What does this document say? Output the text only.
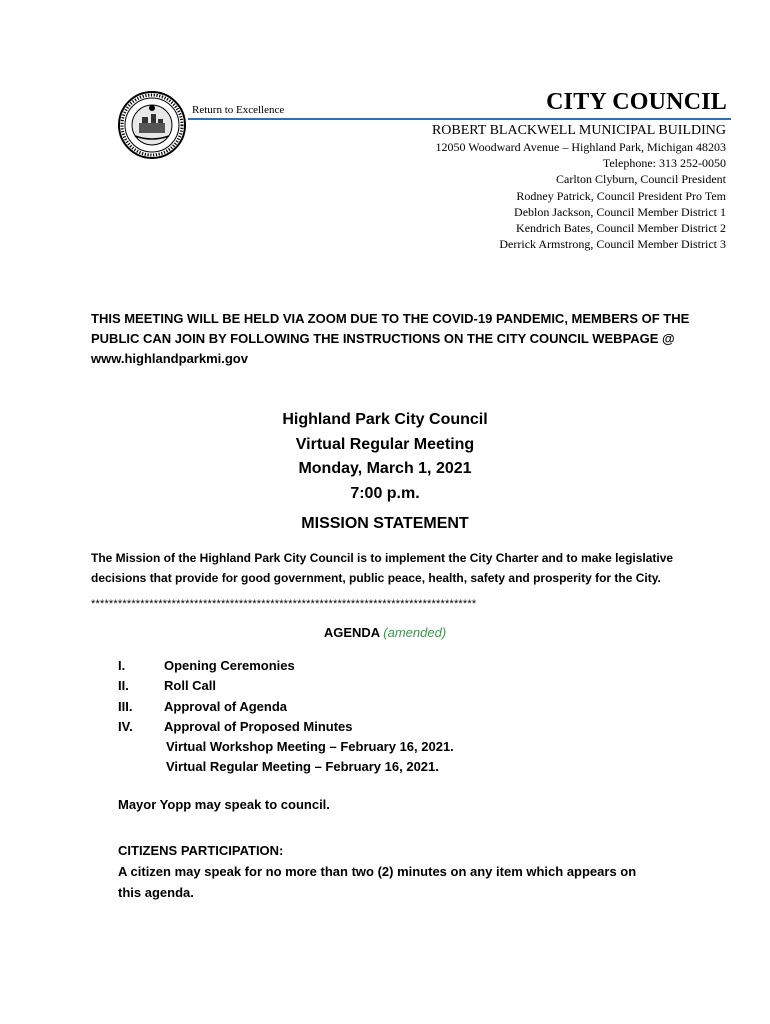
Return to Excellence	CITY COUNCIL
ROBERT BLACKWELL MUNICIPAL BUILDING
12050 Woodward Avenue – Highland Park, Michigan 48203
Telephone: 313 252-0050
Carlton Clyburn, Council President
Rodney Patrick, Council President Pro Tem
Deblon Jackson, Council Member District 1
Kendrich Bates, Council Member District 2
Derrick Armstrong, Council Member District 3
THIS MEETING WILL BE HELD VIA ZOOM DUE TO THE COVID-19 PANDEMIC, MEMBERS OF THE
PUBLIC CAN JOIN BY FOLLOWING THE INSTRUCTIONS ON THE CITY COUNCIL WEBPAGE @
www.highlandparkmi.gov
Highland Park City Council
Virtual Regular Meeting
Monday, March 1, 2021
7:00 p.m.
MISSION STATEMENT
The Mission of the Highland Park City Council is to implement the City Charter and to make legislative
decisions that provide for good government, public peace, health, safety and prosperity for the City.
**************************************************************************************
AGENDA (amended)
I.	Opening Ceremonies
II.	Roll Call
III.	Approval of Agenda
IV.	Approval of Proposed Minutes
Virtual Workshop Meeting – February 16, 2021.
Virtual Regular Meeting – February 16, 2021.
Mayor Yopp may speak to council.
CITIZENS PARTICIPATION:
A citizen may speak for no more than two (2) minutes on any item which appears on
this agenda.
